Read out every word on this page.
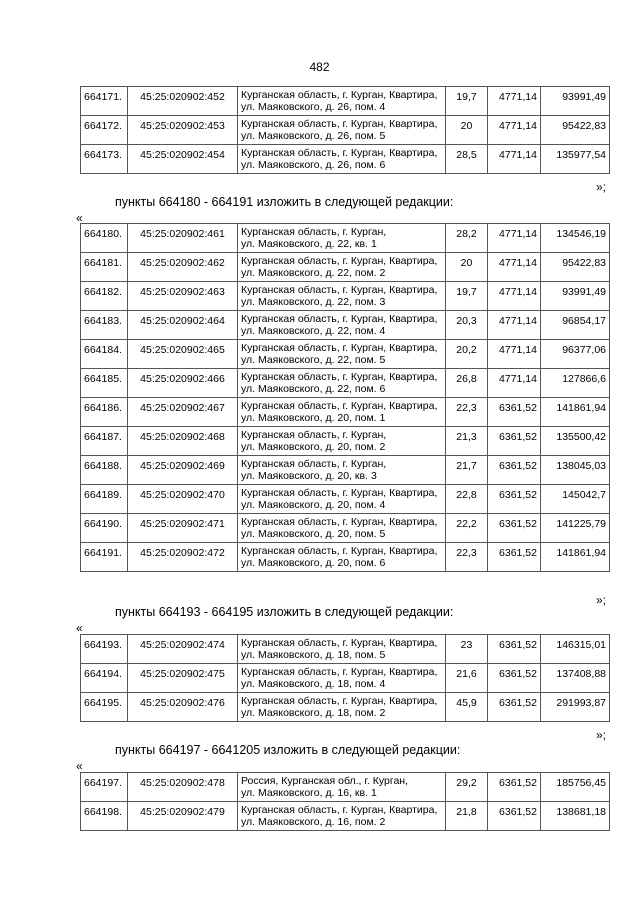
482
664171.	45:25:020902:452	Курганская область, г. Курган, Квартира,
ул. Маяковского, д. 26, пом. 4	19,7	4771,14	93991,49
664172.	45:25:020902:453	Курганская область, г. Курган, Квартира,
ул. Маяковского, д. 26, пом. 5	20	4771,14	95422,83
664173.	45:25:020902:454	Курганская область, г. Курган, Квартира,
ул. Маяковского, д. 26, пом. 6	28,5	4771,14	135977,54
»;
пункты 664180 - 664191 изложить в следующей редакции:
«
664180.	45:25:020902:461	Курганская область, г. Курган,
ул. Маяковского, д. 22, кв. 1	28,2	4771,14	134546,19
664181.	45:25:020902:462	Курганская область, г. Курган, Квартира,
ул. Маяковского, д. 22, пом. 2	20	4771,14	95422,83
664182.	45:25:020902:463	Курганская область, г. Курган, Квартира,
ул. Маяковского, д. 22, пом. 3	19,7	4771,14	93991,49
664183.	45:25:020902:464	Курганская область, г. Курган, Квартира,
ул. Маяковского, д. 22, пом. 4	20,3	4771,14	96854,17
664184.	45:25:020902:465	Курганская область, г. Курган, Квартира,
ул. Маяковского, д. 22, пом. 5	20,2	4771,14	96377,06
664185.	45:25:020902:466	Курганская область, г. Курган, Квартира,
ул. Маяковского, д. 22, пом. 6	26,8	4771,14	127866,6
664186.	45:25:020902:467	Курганская область, г. Курган, Квартира,
ул. Маяковского, д. 20, пом. 1	22,3	6361,52	141861,94
664187.	45:25:020902:468	Курганская область, г. Курган,
ул. Маяковского, д. 20, пом. 2	21,3	6361,52	135500,42
664188.	45:25:020902:469	Курганская область, г. Курган,
ул. Маяковского, д. 20, кв. 3	21,7	6361,52	138045,03
664189.	45:25:020902:470	Курганская область, г. Курган, Квартира,
ул. Маяковского, д. 20, пом. 4	22,8	6361,52	145042,7
664190.	45:25:020902:471	Курганская область, г. Курган, Квартира,
ул. Маяковского, д. 20, пом. 5	22,2	6361,52	141225,79
664191.	45:25:020902:472	Курганская область, г. Курган, Квартира,
ул. Маяковского, д. 20, пом. 6	22,3	6361,52	141861,94
»;
пункты 664193 - 664195 изложить в следующей редакции:
«
664193.	45:25:020902:474	Курганская область, г. Курган, Квартира,
ул. Маяковского, д. 18, пом. 5	23	6361,52	146315,01
664194.	45:25:020902:475	Курганская область, г. Курган, Квартира,
ул. Маяковского, д. 18, пом. 4	21,6	6361,52	137408,88
664195.	45:25:020902:476	Курганская область, г. Курган, Квартира,
ул. Маяковского, д. 18, пом. 2	45,9	6361,52	291993,87
»;
пункты 664197 - 6641205 изложить в следующей редакции:
«
664197.	45:25:020902:478	Россия, Курганская обл., г. Курган,
ул. Маяковского, д. 16, кв. 1	29,2	6361,52	185756,45
664198.	45:25:020902:479	Курганская область, г. Курган, Квартира,
ул. Маяковского, д. 16, пом. 2	21,8	6361,52	138681,18
